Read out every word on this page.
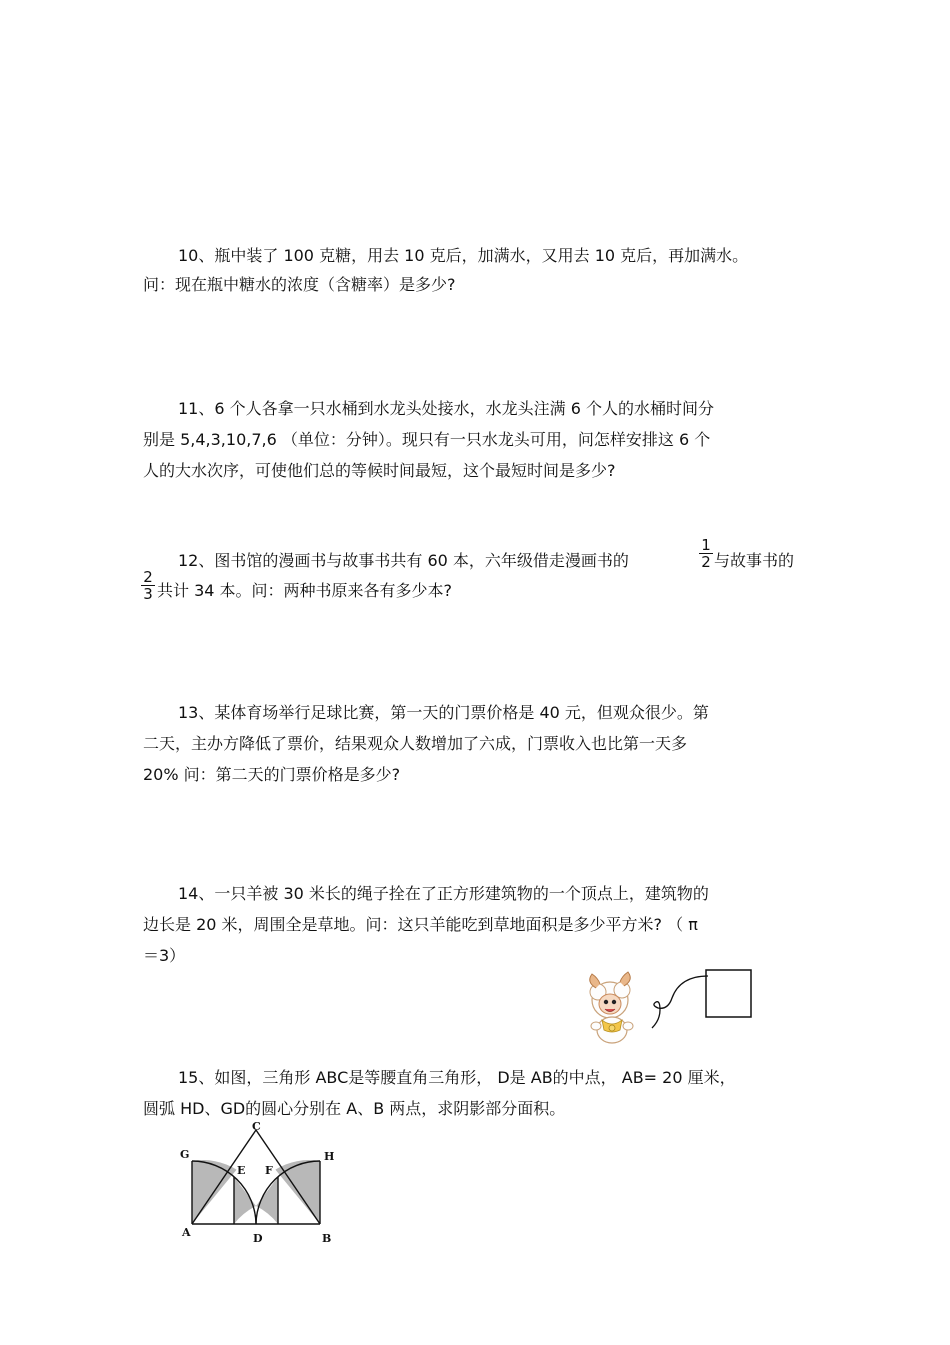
10、瓶中装了 100 克糖，用去 10 克后，加满水，又用去 10 克后，再加满水。
问：现在瓶中糖水的浓度（含糖率）是多少?
11、6 个人各拿一只水桶到水龙头处接水，水龙头注满 6 个人的水桶时间分
别是 5,4,3,10,7,6 （单位：分钟）。现只有一只水龙头可用，问怎样安排这 6 个
人的大水次序，可使他们总的等候时间最短，这个最短时间是多少?
12、图书馆的漫画书与故事书共有 60 本，六年级借走漫画书的	$\frac{1}{2}$ 与故事书的
$\frac{2}{3}$ 共计 34 本。问：两种书原来各有多少本?
13、某体育场举行足球比赛，第一天的门票价格是 40 元，但观众很少。第
二天，主办方降低了票价，结果观众人数增加了六成，门票收入也比第一天多
20% 问：第二天的门票价格是多少?
14、一只羊被 30 米长的绳子拴在了正方形建筑物的一个顶点上，建筑物的
边长是 20 米，周围全是草地。问：这只羊能吃到草地面积是多少平方米? （ π
＝3）
15、如图，三角形 ABC是等腰直角三角形， D是 AB的中点， AB= 20 厘米，
圆弧 HD、GD的圆心分别在 A、B 两点，求阴影部分面积。
C
G	H
E F
A	D	B
